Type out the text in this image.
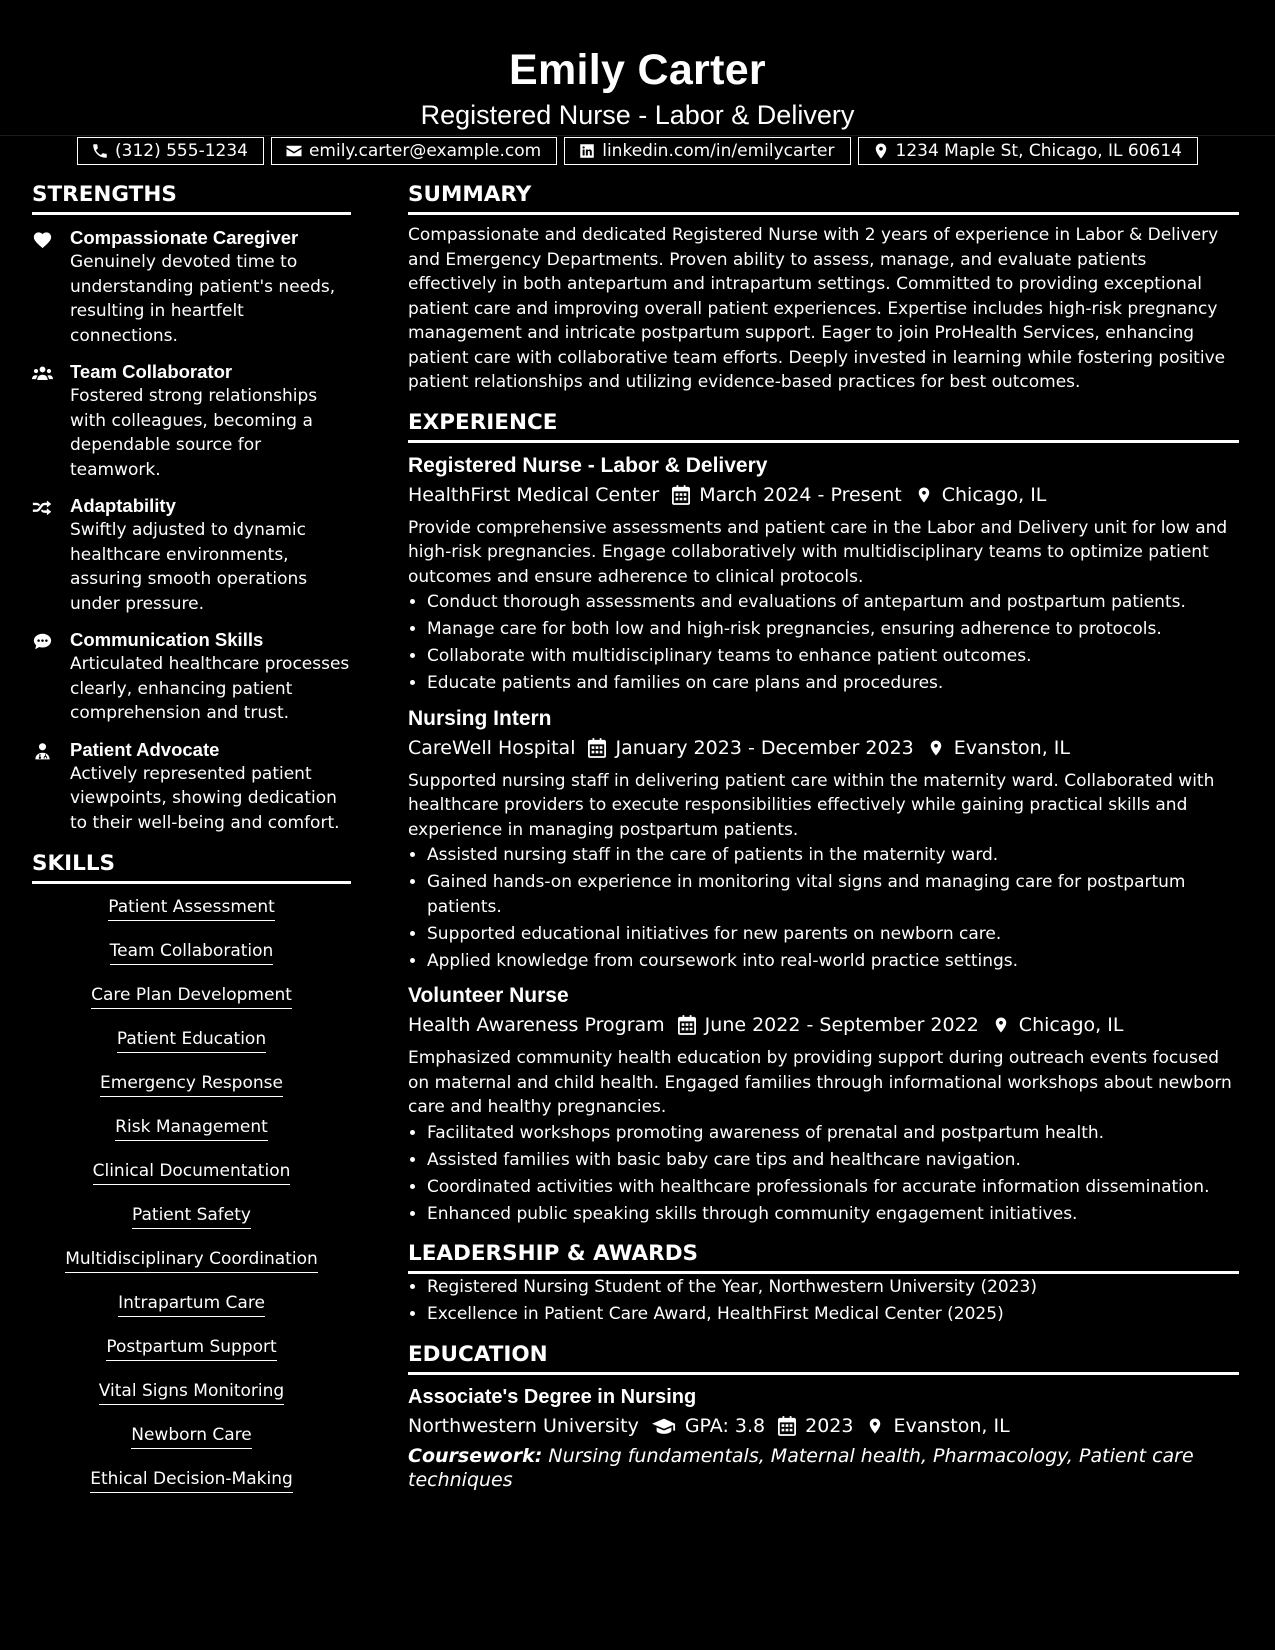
Emily Carter
Registered Nurse - Labor & Delivery
(312) 555-1234	emily.carter@example.com	linkedin.com/in/emilycarter	1234 Maple St, Chicago, IL 60614
STRENGTHS
Compassionate Caregiver
Genuinely devoted time to understanding patient's needs, resulting in heartfelt connections.
Team Collaborator
Fostered strong relationships with colleagues, becoming a dependable source for teamwork.
Adaptability
Swiftly adjusted to dynamic healthcare environments, assuring smooth operations under pressure.
Communication Skills
Articulated healthcare processes clearly, enhancing patient comprehension and trust.
Patient Advocate
Actively represented patient viewpoints, showing dedication to their well-being and comfort.
SKILLS
Patient Assessment
Team Collaboration
Care Plan Development
Patient Education
Emergency Response
Risk Management
Clinical Documentation
Patient Safety
Multidisciplinary Coordination
Intrapartum Care
Postpartum Support
Vital Signs Monitoring
Newborn Care
Ethical Decision-Making
SUMMARY

Compassionate and dedicated Registered Nurse with 2 years of experience in Labor & Delivery and Emergency Departments. Proven ability to assess, manage, and evaluate patients effectively in both antepartum and intrapartum settings. Committed to providing exceptional patient care and improving overall patient experiences. Expertise includes high-risk pregnancy management and intricate postpartum support. Eager to join ProHealth Services, enhancing patient care with collaborative team efforts. Deeply invested in learning while fostering positive patient relationships and utilizing evidence-based practices for best outcomes.

EXPERIENCE
Registered Nurse - Labor & Delivery
HealthFirst Medical Center March 2024 - Present Chicago, IL

Provide comprehensive assessments and patient care in the Labor and Delivery unit for low and high-risk pregnancies. Engage collaboratively with multidisciplinary teams to optimize patient outcomes and ensure adherence to clinical protocols.

• Conduct thorough assessments and evaluations of antepartum and postpartum patients.
• Manage care for both low and high-risk pregnancies, ensuring adherence to protocols.
• Collaborate with multidisciplinary teams to enhance patient outcomes.
• Educate patients and families on care plans and procedures.
Nursing Intern
CareWell Hospital January 2023 - December 2023 Evanston, IL

Supported nursing staff in delivering patient care within the maternity ward. Collaborated with healthcare providers to execute responsibilities effectively while gaining practical skills and experience in managing postpartum patients.

• Assisted nursing staff in the care of patients in the maternity ward.
• Gained hands-on experience in monitoring vital signs and managing care for postpartum patients.
• Supported educational initiatives for new parents on newborn care.
• Applied knowledge from coursework into real-world practice settings.
Volunteer Nurse
Health Awareness Program June 2022 - September 2022 Chicago, IL

Emphasized community health education by providing support during outreach events focused on maternal and child health. Engaged families through informational workshops about newborn care and healthy pregnancies.

• Facilitated workshops promoting awareness of prenatal and postpartum health.
• Assisted families with basic baby care tips and healthcare navigation.
• Coordinated activities with healthcare professionals for accurate information dissemination.
• Enhanced public speaking skills through community engagement initiatives.
LEADERSHIP & AWARDS
• Registered Nursing Student of the Year, Northwestern University (2023)
• Excellence in Patient Care Award, HealthFirst Medical Center (2025)
EDUCATION
Associate's Degree in Nursing
Northwestern University GPA: 3.8 2023 Evanston, IL
Coursework: Nursing fundamentals, Maternal health, Pharmacology, Patient care techniques
